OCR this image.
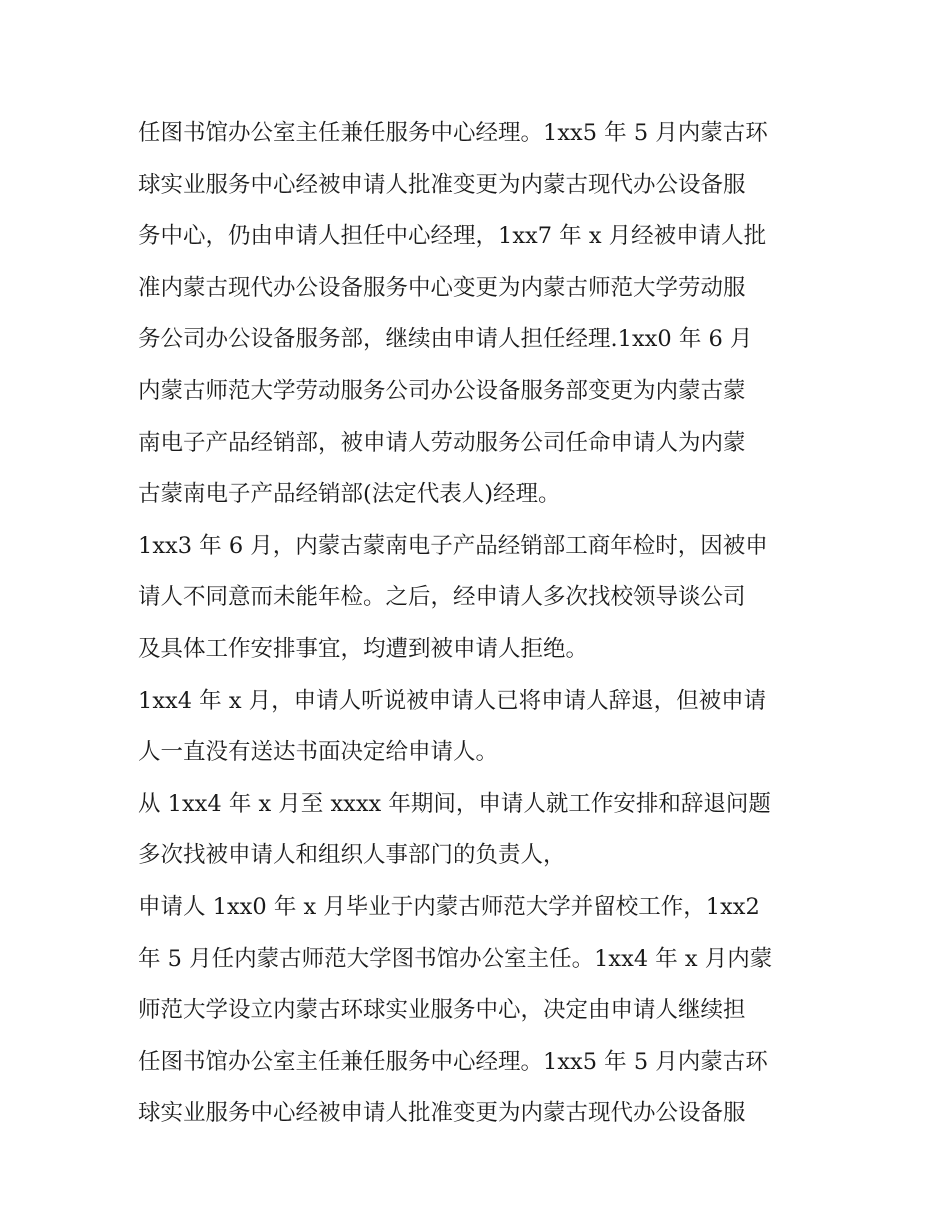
任图书馆办公室主任兼任服务中心经理。1xx5 年 5 月内蒙古环
球实业服务中心经被申请人批准变更为内蒙古现代办公设备服
务中心，仍由申请人担任中心经理，1xx7 年 x 月经被申请人批
准内蒙古现代办公设备服务中心变更为内蒙古师范大学劳动服
务公司办公设备服务部，继续由申请人担任经理.1xx0 年 6 月
内蒙古师范大学劳动服务公司办公设备服务部变更为内蒙古蒙
南电子产品经销部，被申请人劳动服务公司任命申请人为内蒙
古蒙南电子产品经销部(法定代表人)经理。
1xx3 年 6 月，内蒙古蒙南电子产品经销部工商年检时，因被申
请人不同意而未能年检。之后，经申请人多次找校领导谈公司
及具体工作安排事宜，均遭到被申请人拒绝。
1xx4 年 x 月，申请人听说被申请人已将申请人辞退，但被申请
人一直没有送达书面决定给申请人。
从 1xx4 年 x 月至 xxxx 年期间，申请人就工作安排和辞退问题
多次找被申请人和组织人事部门的负责人，
申请人 1xx0 年 x 月毕业于内蒙古师范大学并留校工作，1xx2
年 5 月任内蒙古师范大学图书馆办公室主任。1xx4 年 x 月内蒙
师范大学设立内蒙古环球实业服务中心，决定由申请人继续担
任图书馆办公室主任兼任服务中心经理。1xx5 年 5 月内蒙古环
球实业服务中心经被申请人批准变更为内蒙古现代办公设备服
